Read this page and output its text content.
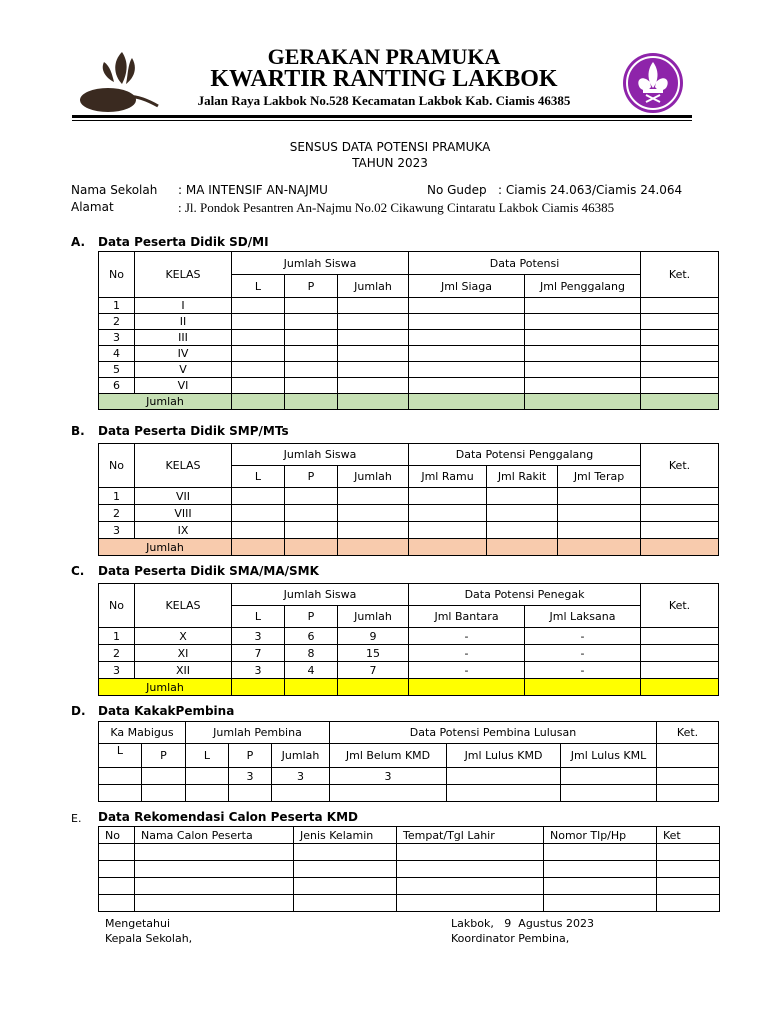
GERAKAN PRAMUKA
KWARTIR RANTING LAKBOK
Jalan Raya Lakbok No.528 Kecamatan Lakbok Kab. Ciamis 46385
SENSUS DATA POTENSI PRAMUKA
TAHUN 2023
Nama Sekolah : MA INTENSIF AN-NAJMU	No Gudep : Ciamis 24.063/Ciamis 24.064
Alamat	: Jl. Pondok Pesantren An-Najmu No.02 Cikawung Cintaratu Lakbok Ciamis 46385
A. Data Peserta Didik SD/MI
No	KELAS	Jumlah Siswa			Data Potensi		Ket.
		L	P	Jumlah	Jml Siaga	Jml Penggalang	
1	I						
2	II						
3	III						
4	IV						
5	V						
6	VI						
Jumlah							
B. Data Peserta Didik SMP/MTs
No	KELAS	Jumlah Siswa			Data Potensi Penggalang			Ket.
		L	P	Jumlah	Jml Ramu	Jml Rakit	Jml Terap	
1	VII							
2	VIII							
3	IX							
Jumlah								
C. Data Peserta Didik SMA/MA/SMK
No	KELAS	Jumlah Siswa			Data Potensi Penegak		Ket.
		L	P	Jumlah	Jml Bantara	Jml Laksana	
1	X	3	6	9	-	-	
2	XI	7	8	15	-	-	
3	XII	3	4	7	-	-	
Jumlah							
D. Data KakakPembina
Ka Mabigus		Jumlah Pembina			Data Potensi Pembina Lulusan			Ket.
L	P	L	P	Jumlah	Jml Belum KMD	Jml Lulus KMD	Jml Lulus KML	
			3	3	3			

E. Data Rekomendasi Calon Peserta KMD
No	Nama Calon Peserta	Jenis Kelamin	Tempat/Tgl Lahir	Nomor Tlp/Hp	Ket

Mengetahui
Kepala Sekolah,
Lakbok,   9  Agustus 2023
Koordinator Pembina,
